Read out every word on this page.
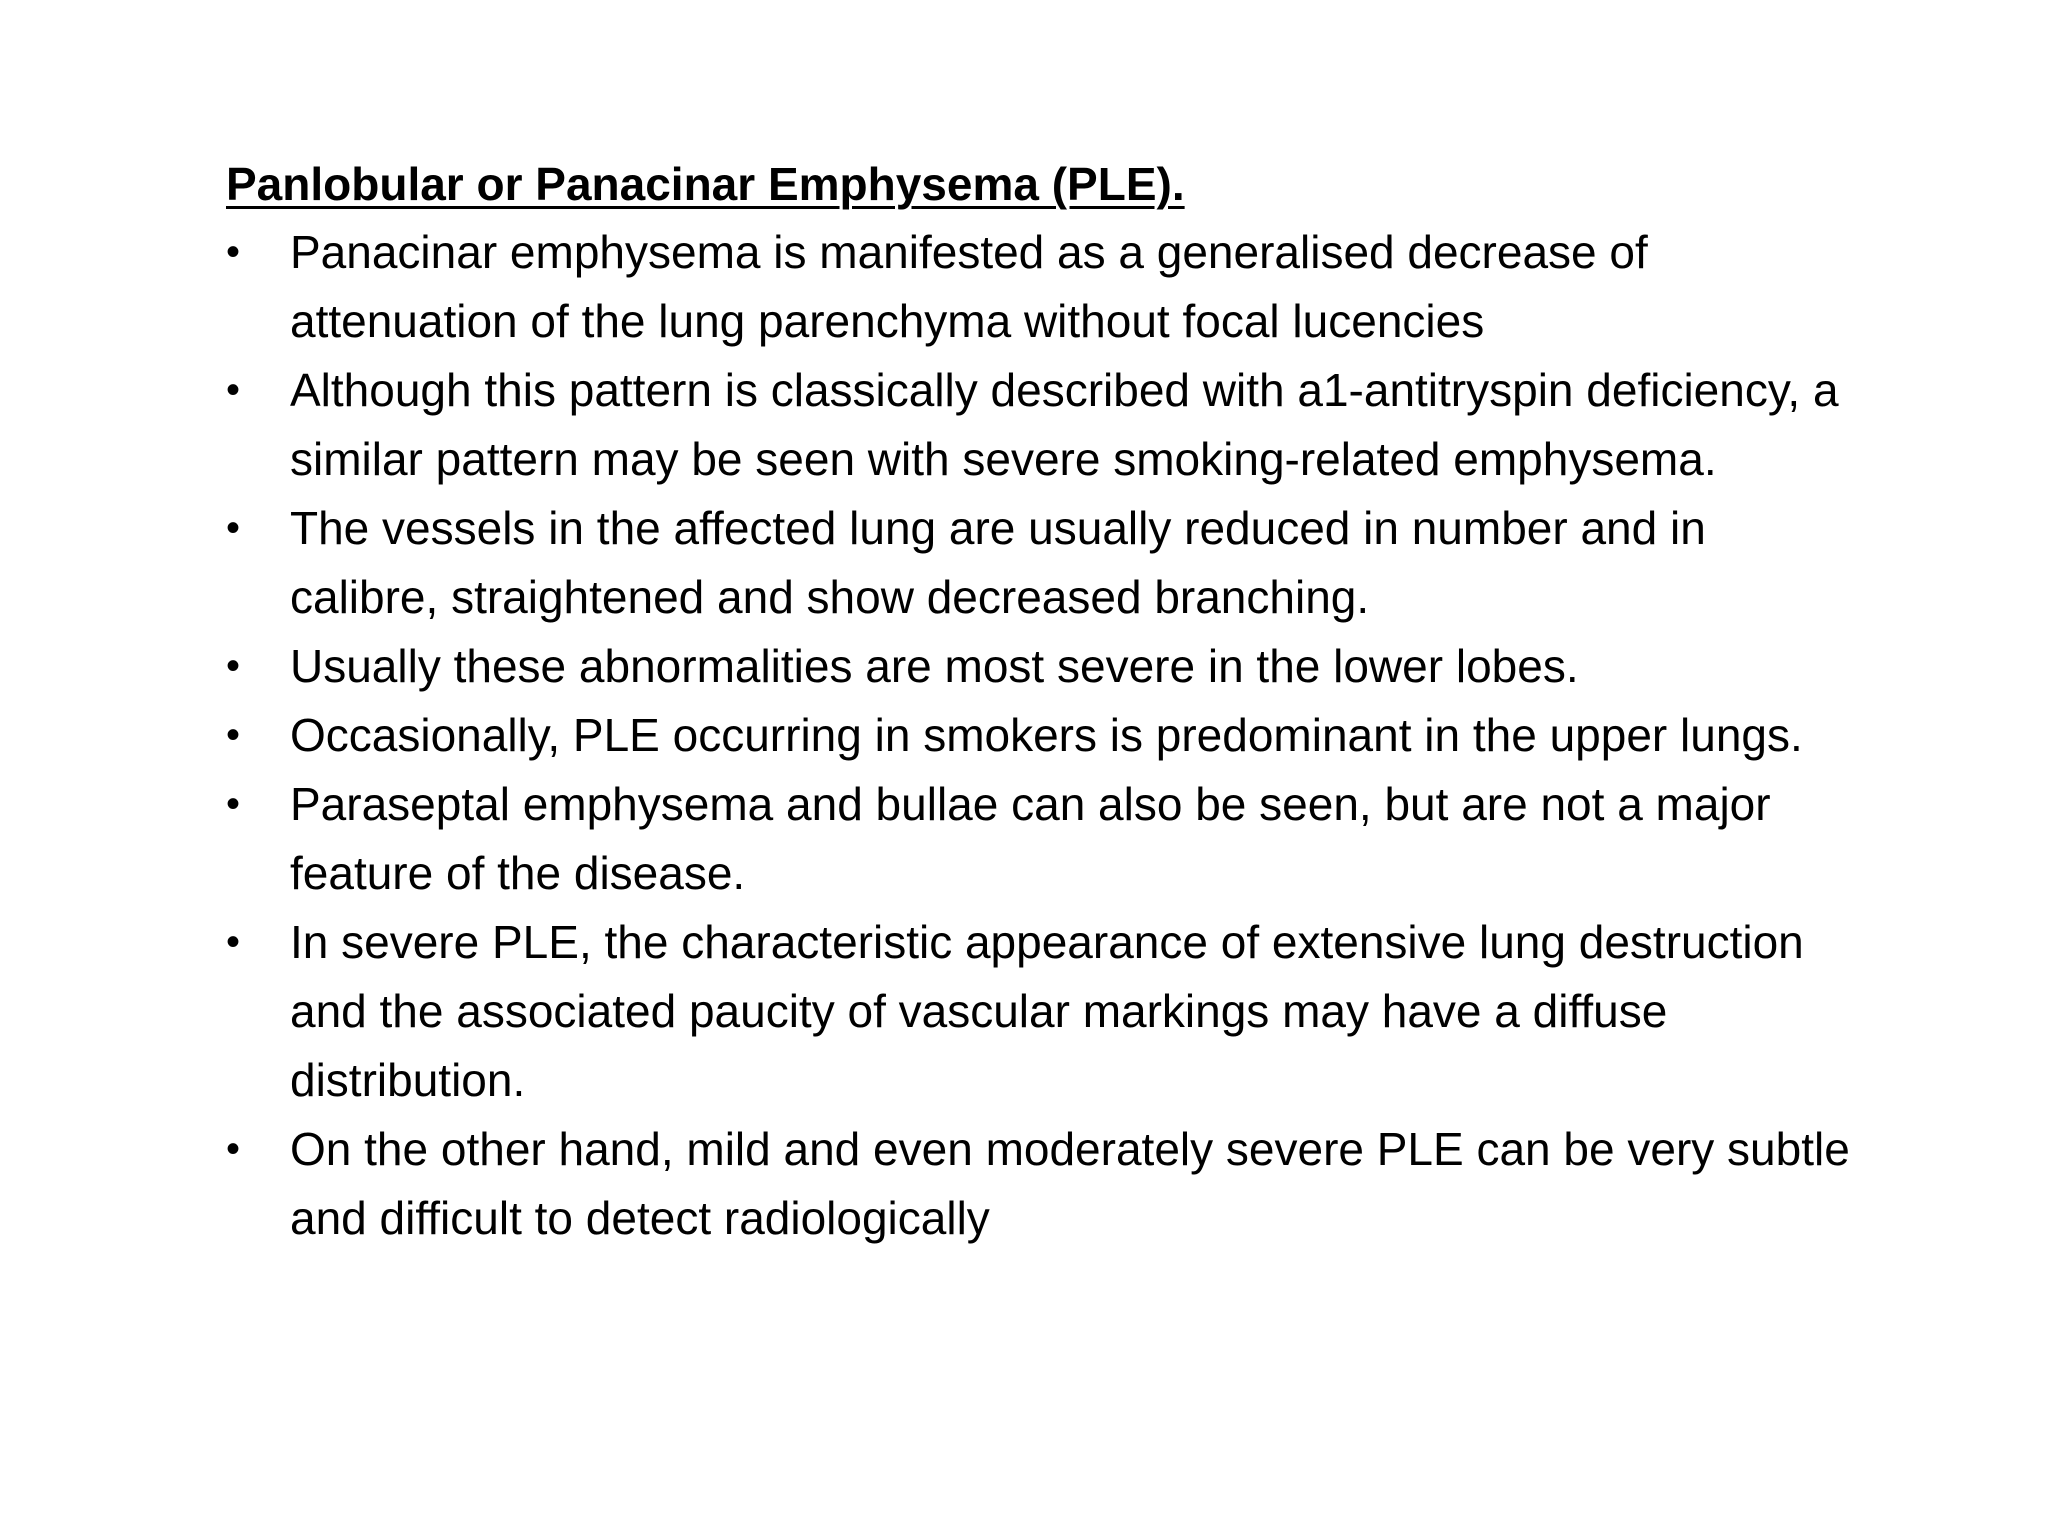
Panlobular or Panacinar Emphysema (PLE).
•	Panacinar emphysema is manifested as a generalised decrease of attenuation of the lung parenchyma without focal lucencies
•	Although this pattern is classically described with a1-antitryspin deficiency, a similar pattern may be seen with severe smoking-related emphysema.
•	The vessels in the affected lung are usually reduced in number and in calibre, straightened and show decreased branching.
•	Usually these abnormalities are most severe in the lower lobes.
•	Occasionally, PLE occurring in smokers is predominant in the upper lungs.
•	Paraseptal emphysema and bullae can also be seen, but are not a major feature of the disease.
•	In severe PLE, the characteristic appearance of extensive lung destruction and the associated paucity of vascular markings may have a diffuse distribution.
•	On the other hand, mild and even moderately severe PLE can be very subtle and difficult to detect radiologically
